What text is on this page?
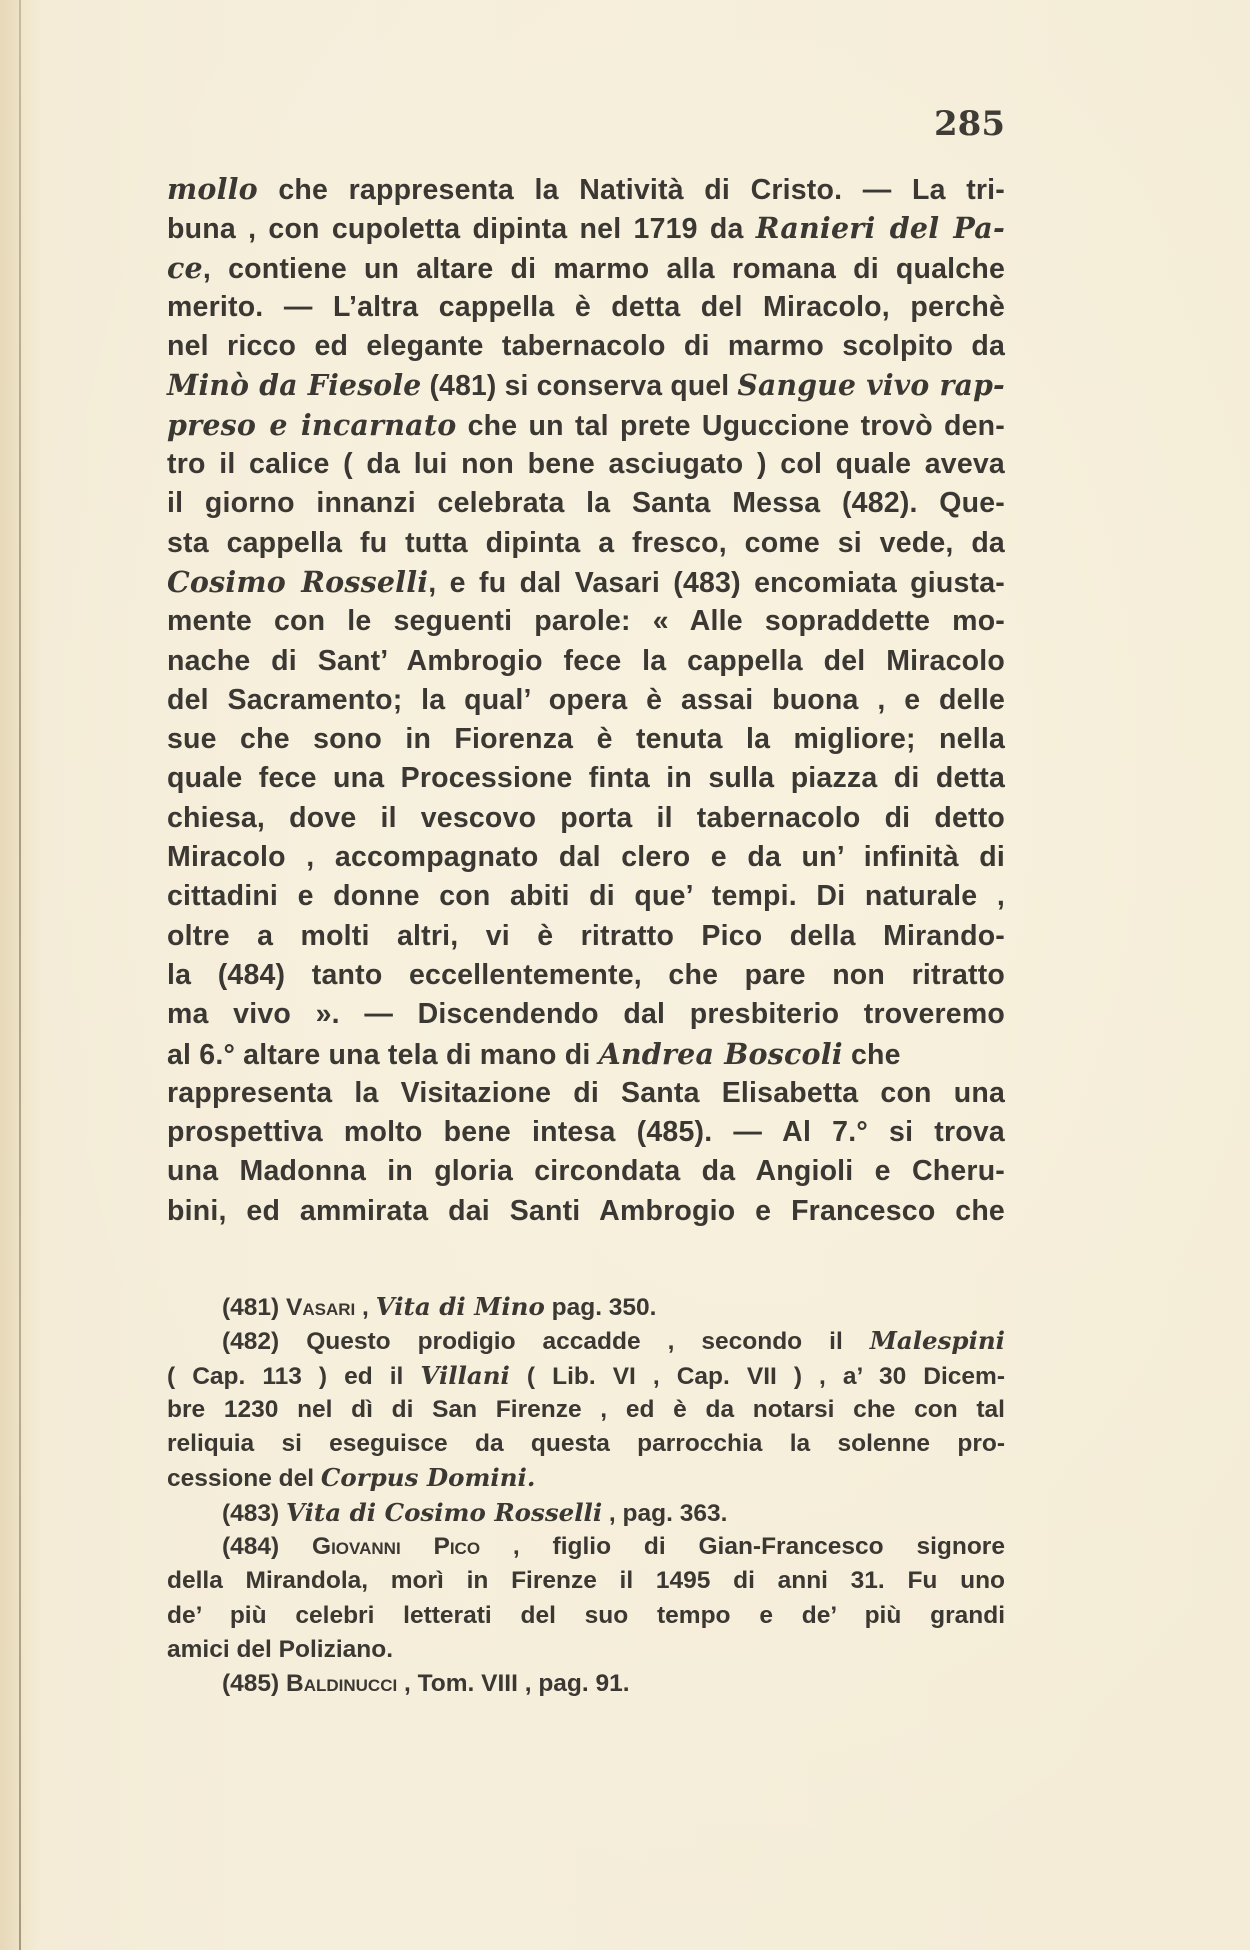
285
mollo che rappresenta la Natività di Cristo. — La tri-
buna , con cupoletta dipinta nel 1719 da Ranieri del Pa-
ce, contiene un altare di marmo alla romana di qualche
merito. — L’altra cappella è detta del Miracolo, perchè
nel ricco ed elegante tabernacolo di marmo scolpito da
Minò da Fiesole (481) si conserva quel Sangue vivo rap-
preso e incarnato che un tal prete Uguccione trovò den-
tro il calice ( da lui non bene asciugato ) col quale aveva
il giorno innanzi celebrata la Santa Messa (482). Que-
sta cappella fu tutta dipinta a fresco, come si vede, da
Cosimo Rosselli, e fu dal Vasari (483) encomiata giusta-
mente con le seguenti parole: « Alle sopraddette mo-
nache di Sant’ Ambrogio fece la cappella del Miracolo
del Sacramento; la qual’ opera è assai buona , e delle
sue che sono in Fiorenza è tenuta la migliore; nella
quale fece una Processione finta in sulla piazza di detta
chiesa, dove il vescovo porta il tabernacolo di detto
Miracolo , accompagnato dal clero e da un’ infinità di
cittadini e donne con abiti di que’ tempi. Di naturale ,
oltre a molti altri, vi è ritratto Pico della Mirando-
la (484) tanto eccellentemente, che pare non ritratto
ma vivo ». — Discendendo dal presbiterio troveremo
al 6.° altare una tela di mano di Andrea Boscoli che
rappresenta la Visitazione di Santa Elisabetta con una
prospettiva molto bene intesa (485). — Al 7.° si trova
una Madonna in gloria circondata da Angioli e Cheru-
bini, ed ammirata dai Santi Ambrogio e Francesco che
(481) Vasari , Vita di Mino pag. 350.
(482) Questo prodigio accadde , secondo il Malespini
( Cap. 113 ) ed il Villani ( Lib. VI , Cap. VII ) , a’ 30 Dicem-
bre 1230 nel dì di San Firenze , ed è da notarsi che con tal
reliquia si eseguisce da questa parrocchia la solenne pro-
cessione del Corpus Domini.
(483) Vita di Cosimo Rosselli , pag. 363.
(484) Giovanni Pico , figlio di Gian-Francesco signore
della Mirandola, morì in Firenze il 1495 di anni 31. Fu uno
de’ più celebri letterati del suo tempo e de’ più grandi
amici del Poliziano.
(485) Baldinucci , Tom. VIII , pag. 91.
